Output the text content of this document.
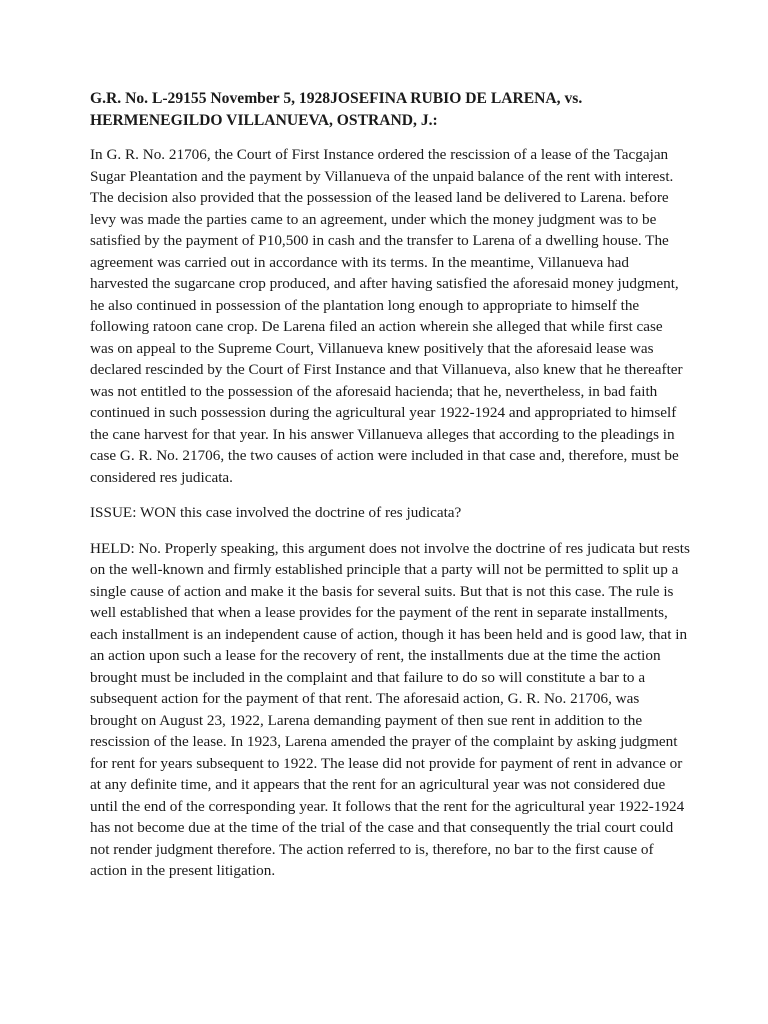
G.R. No. L-29155 November 5, 1928JOSEFINA RUBIO DE LARENA, vs. HERMENEGILDO VILLANUEVA, OSTRAND, J.:

In G. R. No. 21706, the Court of First Instance ordered the rescission of a lease of the Tacgajan Sugar Pleantation and the payment by Villanueva of the unpaid balance of the rent with interest. The decision also provided that the possession of the leased land be delivered to Larena. before levy was made the parties came to an agreement, under which the money judgment was to be satisfied by the payment of P10,500 in cash and the transfer to Larena of a dwelling house. The agreement was carried out in accordance with its terms. In the meantime, Villanueva had harvested the sugarcane crop produced, and after having satisfied the aforesaid money judgment, he also continued in possession of the plantation long enough to appropriate to himself the following ratoon cane crop. De Larena filed an action wherein she alleged that while first case was on appeal to the Supreme Court, Villanueva knew positively that the aforesaid lease was declared rescinded by the Court of First Instance and that Villanueva, also knew that he thereafter was not entitled to the possession of the aforesaid hacienda; that he, nevertheless, in bad faith continued in such possession during the agricultural year 1922-1924 and appropriated to himself the cane harvest for that year. In his answer Villanueva alleges that according to the pleadings in case G. R. No. 21706, the two causes of action were included in that case and, therefore, must be considered res judicata.

ISSUE: WON this case involved the doctrine of res judicata?

HELD: No. Properly speaking, this argument does not involve the doctrine of res judicata but rests on the well-known and firmly established principle that a party will not be permitted to split up a single cause of action and make it the basis for several suits. But that is not this case. The rule is well established that when a lease provides for the payment of the rent in separate installments, each installment is an independent cause of action, though it has been held and is good law, that in an action upon such a lease for the recovery of rent, the installments due at the time the action brought must be included in the complaint and that failure to do so will constitute a bar to a subsequent action for the payment of that rent. The aforesaid action, G. R. No. 21706, was brought on August 23, 1922, Larena demanding payment of then sue rent in addition to the rescission of the lease. In 1923, Larena amended the prayer of the complaint by asking judgment for rent for years subsequent to 1922. The lease did not provide for payment of rent in advance or at any definite time, and it appears that the rent for an agricultural year was not considered due until the end of the corresponding year. It follows that the rent for the agricultural year 1922-1924 has not become due at the time of the trial of the case and that consequently the trial court could not render judgment therefore. The action referred to is, therefore, no bar to the first cause of action in the present litigation.
